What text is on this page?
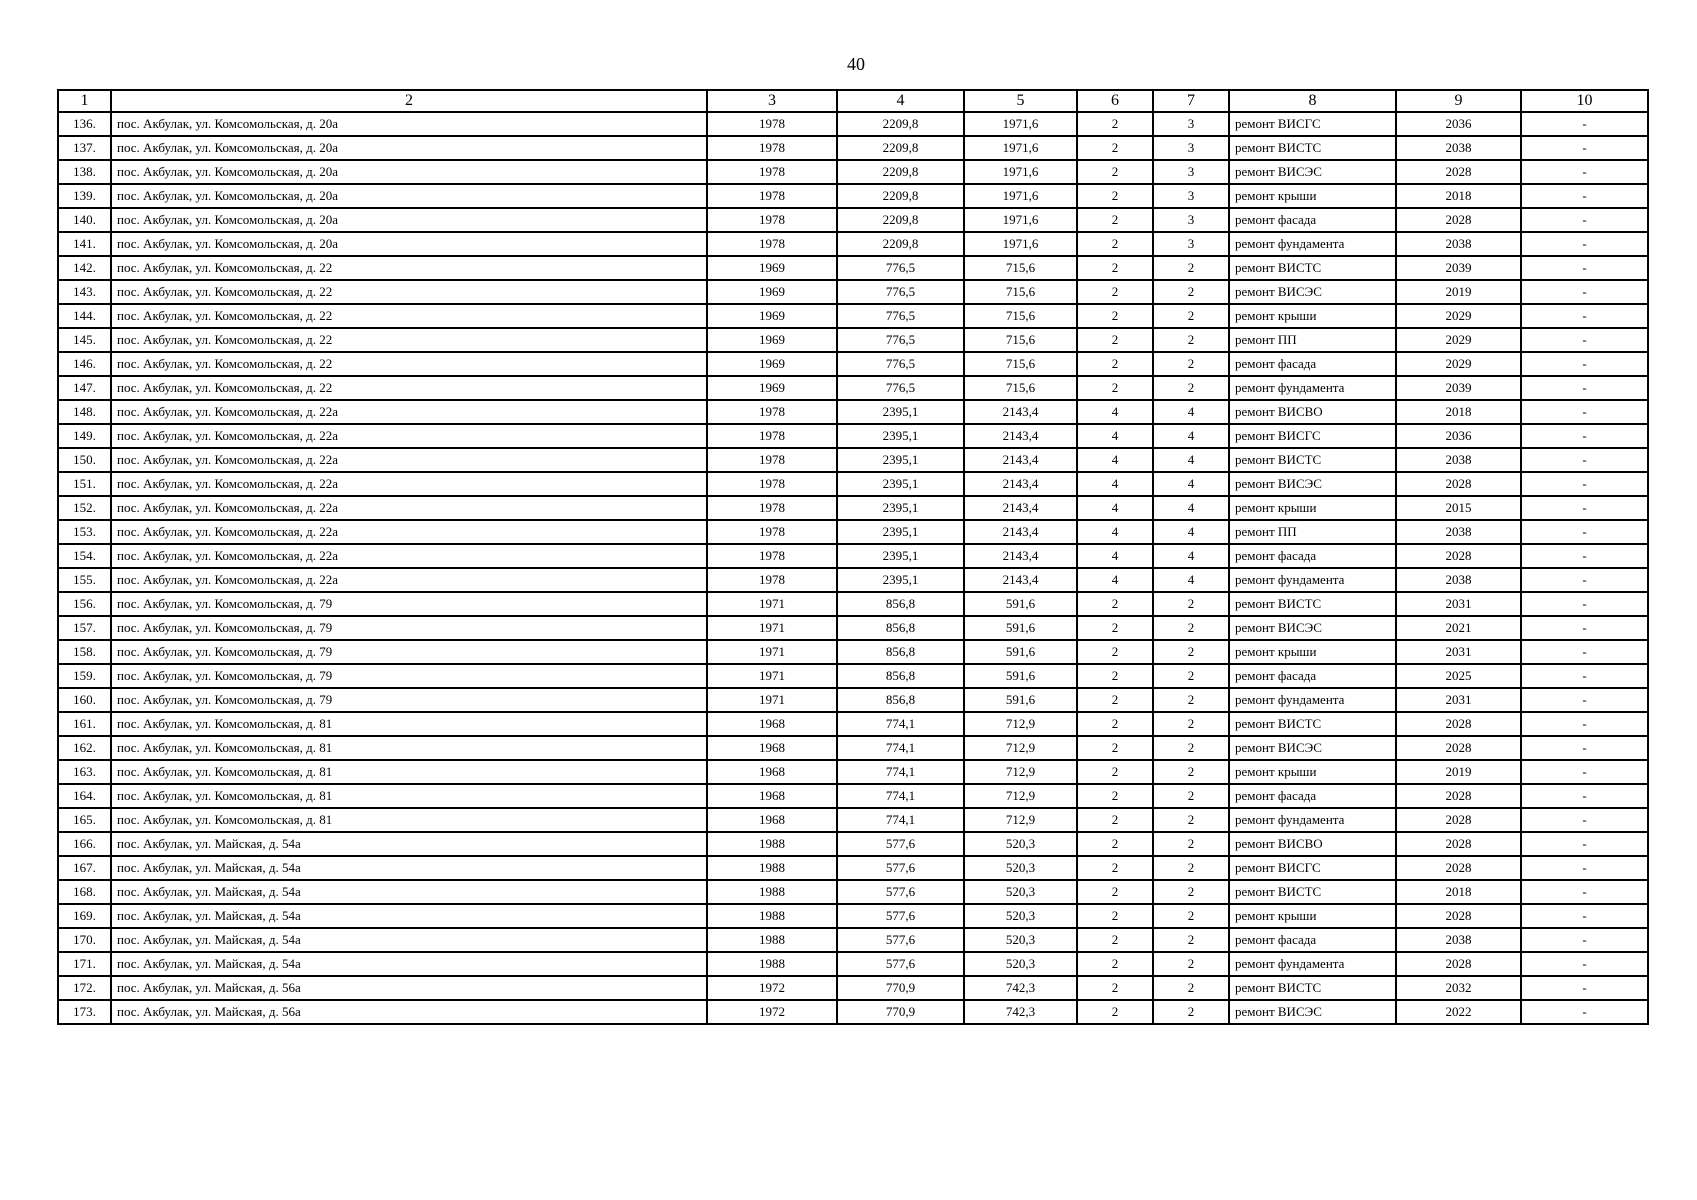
40
1	2	3	4	5	6	7	8	9	10
136.	пос. Акбулак, ул. Комсомольская, д. 20а	1978	2209,8	1971,6	2	3	ремонт ВИСГС	2036	-
137.	пос. Акбулак, ул. Комсомольская, д. 20а	1978	2209,8	1971,6	2	3	ремонт ВИСТС	2038	-
138.	пос. Акбулак, ул. Комсомольская, д. 20а	1978	2209,8	1971,6	2	3	ремонт ВИСЭС	2028	-
139.	пос. Акбулак, ул. Комсомольская, д. 20а	1978	2209,8	1971,6	2	3	ремонт крыши	2018	-
140.	пос. Акбулак, ул. Комсомольская, д. 20а	1978	2209,8	1971,6	2	3	ремонт фасада	2028	-
141.	пос. Акбулак, ул. Комсомольская, д. 20а	1978	2209,8	1971,6	2	3	ремонт фундамента	2038	-
142.	пос. Акбулак, ул. Комсомольская, д. 22	1969	776,5	715,6	2	2	ремонт ВИСТС	2039	-
143.	пос. Акбулак, ул. Комсомольская, д. 22	1969	776,5	715,6	2	2	ремонт ВИСЭС	2019	-
144.	пос. Акбулак, ул. Комсомольская, д. 22	1969	776,5	715,6	2	2	ремонт крыши	2029	-
145.	пос. Акбулак, ул. Комсомольская, д. 22	1969	776,5	715,6	2	2	ремонт ПП	2029	-
146.	пос. Акбулак, ул. Комсомольская, д. 22	1969	776,5	715,6	2	2	ремонт фасада	2029	-
147.	пос. Акбулак, ул. Комсомольская, д. 22	1969	776,5	715,6	2	2	ремонт фундамента	2039	-
148.	пос. Акбулак, ул. Комсомольская, д. 22а	1978	2395,1	2143,4	4	4	ремонт ВИСВО	2018	-
149.	пос. Акбулак, ул. Комсомольская, д. 22а	1978	2395,1	2143,4	4	4	ремонт ВИСГС	2036	-
150.	пос. Акбулак, ул. Комсомольская, д. 22а	1978	2395,1	2143,4	4	4	ремонт ВИСТС	2038	-
151.	пос. Акбулак, ул. Комсомольская, д. 22а	1978	2395,1	2143,4	4	4	ремонт ВИСЭС	2028	-
152.	пос. Акбулак, ул. Комсомольская, д. 22а	1978	2395,1	2143,4	4	4	ремонт крыши	2015	-
153.	пос. Акбулак, ул. Комсомольская, д. 22а	1978	2395,1	2143,4	4	4	ремонт ПП	2038	-
154.	пос. Акбулак, ул. Комсомольская, д. 22а	1978	2395,1	2143,4	4	4	ремонт фасада	2028	-
155.	пос. Акбулак, ул. Комсомольская, д. 22а	1978	2395,1	2143,4	4	4	ремонт фундамента	2038	-
156.	пос. Акбулак, ул. Комсомольская, д. 79	1971	856,8	591,6	2	2	ремонт ВИСТС	2031	-
157.	пос. Акбулак, ул. Комсомольская, д. 79	1971	856,8	591,6	2	2	ремонт ВИСЭС	2021	-
158.	пос. Акбулак, ул. Комсомольская, д. 79	1971	856,8	591,6	2	2	ремонт крыши	2031	-
159.	пос. Акбулак, ул. Комсомольская, д. 79	1971	856,8	591,6	2	2	ремонт фасада	2025	-
160.	пос. Акбулак, ул. Комсомольская, д. 79	1971	856,8	591,6	2	2	ремонт фундамента	2031	-
161.	пос. Акбулак, ул. Комсомольская, д. 81	1968	774,1	712,9	2	2	ремонт ВИСТС	2028	-
162.	пос. Акбулак, ул. Комсомольская, д. 81	1968	774,1	712,9	2	2	ремонт ВИСЭС	2028	-
163.	пос. Акбулак, ул. Комсомольская, д. 81	1968	774,1	712,9	2	2	ремонт крыши	2019	-
164.	пос. Акбулак, ул. Комсомольская, д. 81	1968	774,1	712,9	2	2	ремонт фасада	2028	-
165.	пос. Акбулак, ул. Комсомольская, д. 81	1968	774,1	712,9	2	2	ремонт фундамента	2028	-
166.	пос. Акбулак, ул. Майская, д. 54а	1988	577,6	520,3	2	2	ремонт ВИСВО	2028	-
167.	пос. Акбулак, ул. Майская, д. 54а	1988	577,6	520,3	2	2	ремонт ВИСГС	2028	-
168.	пос. Акбулак, ул. Майская, д. 54а	1988	577,6	520,3	2	2	ремонт ВИСТС	2018	-
169.	пос. Акбулак, ул. Майская, д. 54а	1988	577,6	520,3	2	2	ремонт крыши	2028	-
170.	пос. Акбулак, ул. Майская, д. 54а	1988	577,6	520,3	2	2	ремонт фасада	2038	-
171.	пос. Акбулак, ул. Майская, д. 54а	1988	577,6	520,3	2	2	ремонт фундамента	2028	-
172.	пос. Акбулак, ул. Майская, д. 56а	1972	770,9	742,3	2	2	ремонт ВИСТС	2032	-
173.	пос. Акбулак, ул. Майская, д. 56а	1972	770,9	742,3	2	2	ремонт ВИСЭС	2022	-
